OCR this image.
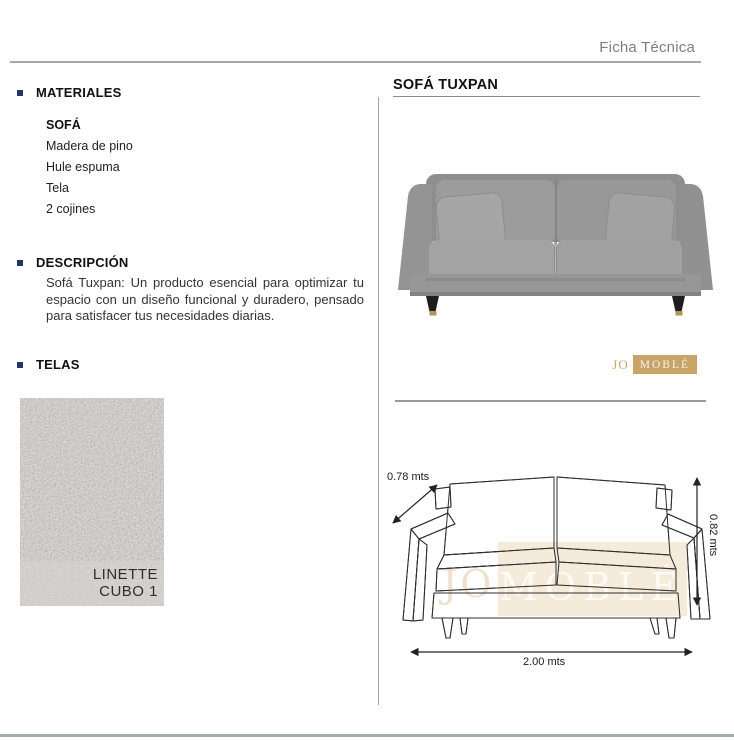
Ficha Técnica
MATERIALES
SOFÁ
Madera de pino
Hule espuma
Tela
2 cojines
DESCRIPCIÓN
Sofá Tuxpan: Un producto esencial para optimizar tu espacio con un diseño funcional y duradero, pensado para satisfacer tus necesidades diarias.
TELAS
LINETTE
CUBO 1
SOFÁ TUXPAN
JO MOBLÉ
JO MOBLÉ
0.78 mts
0.82 mts
2.00 mts
